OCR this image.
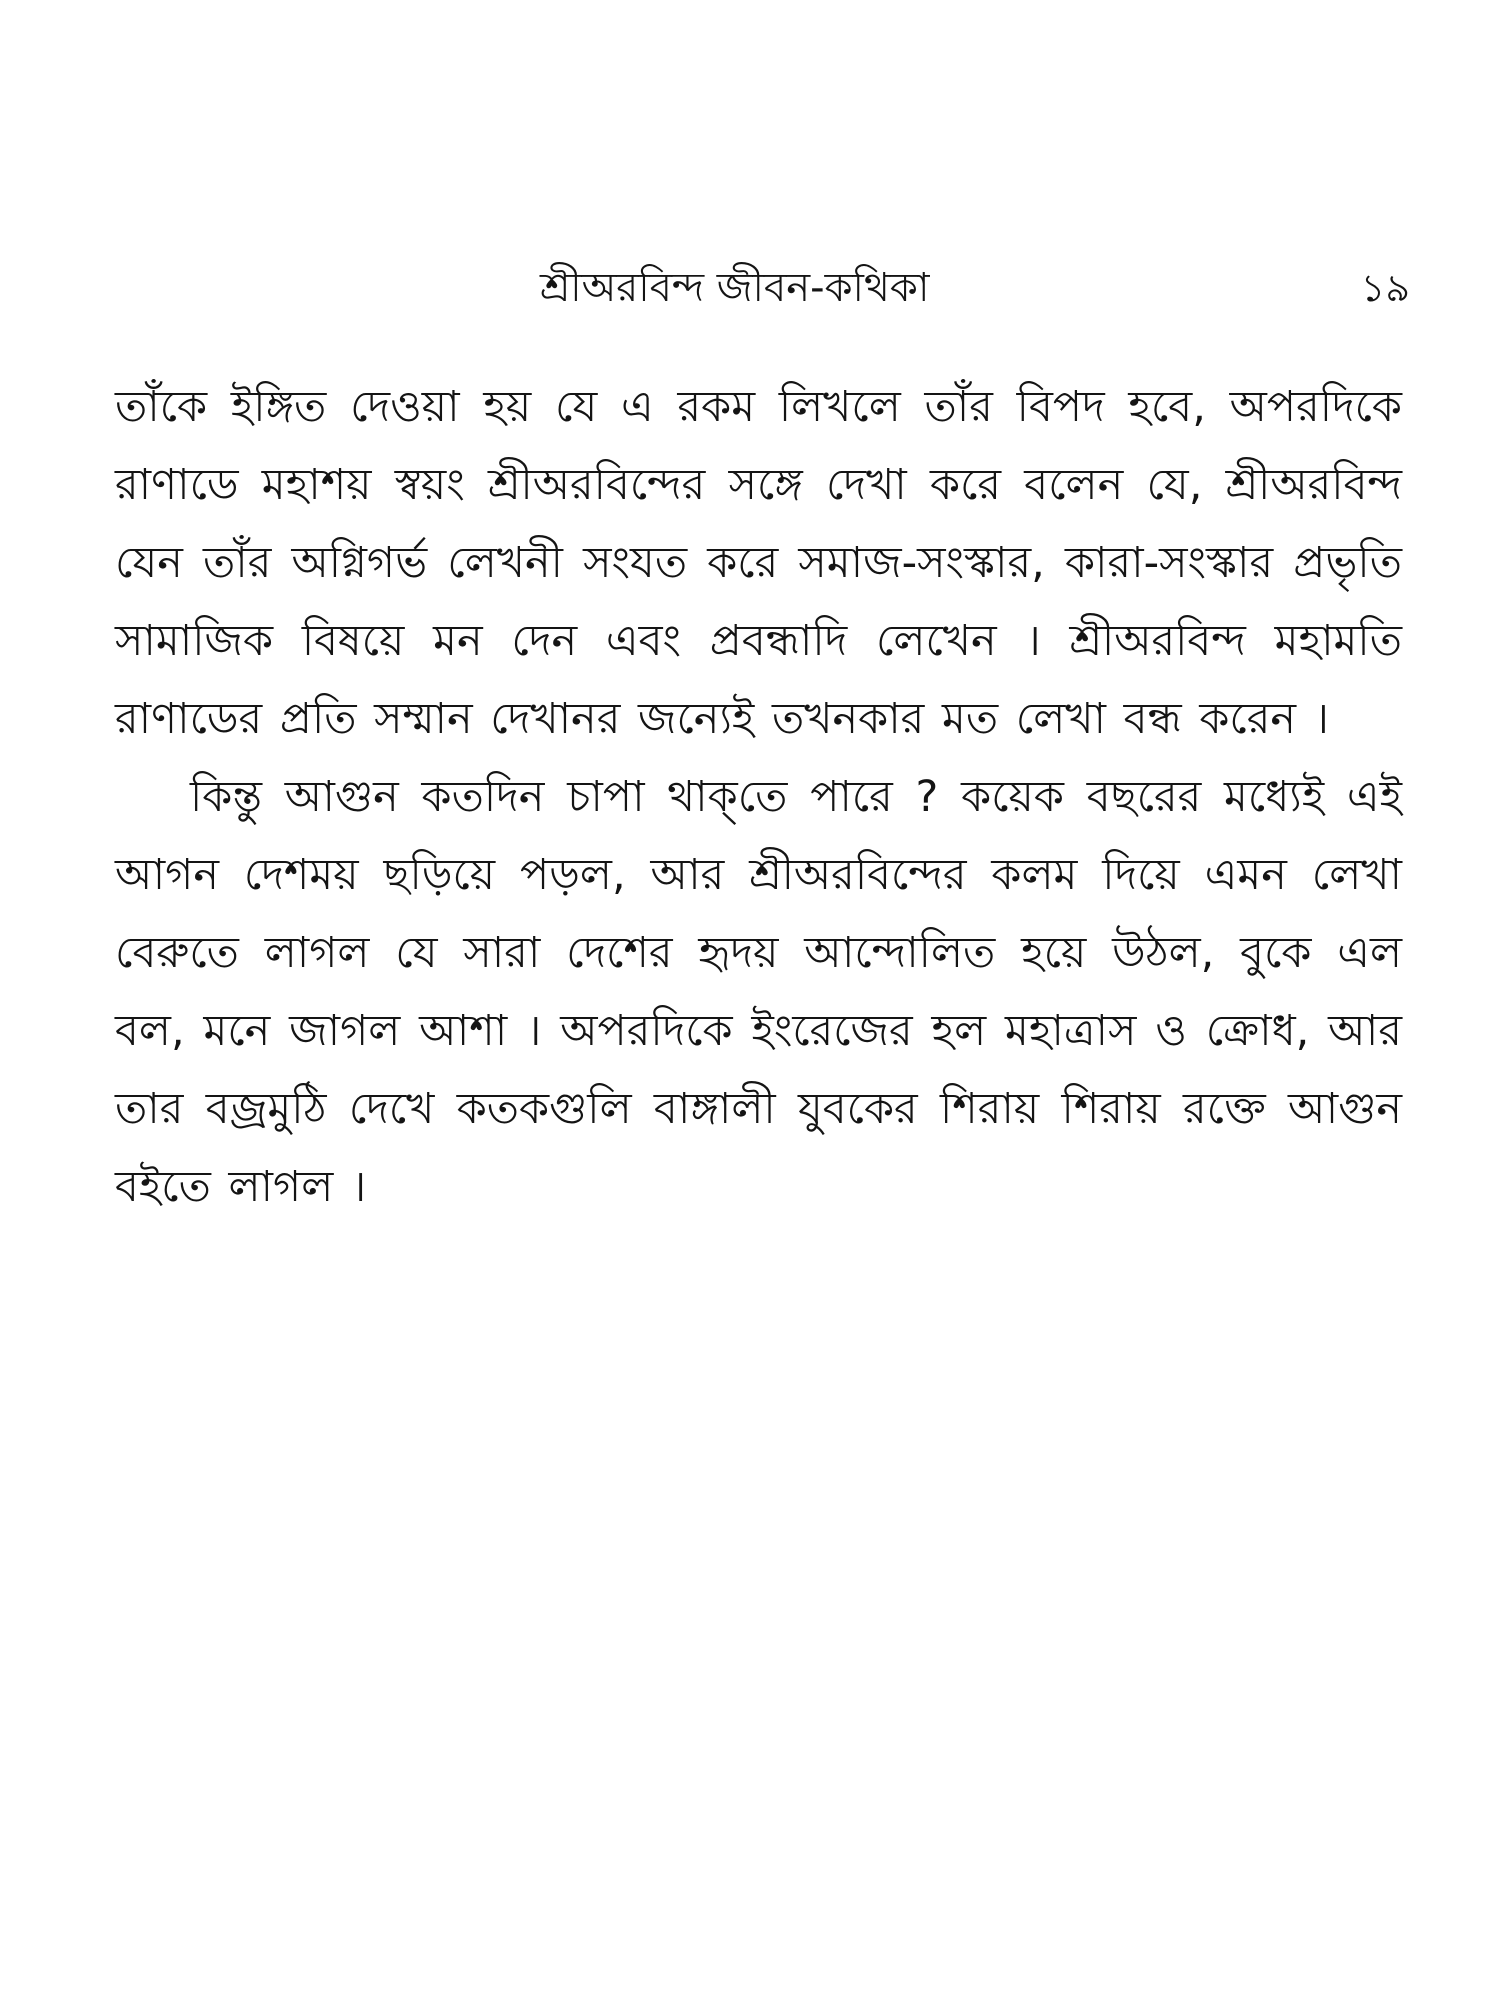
শ্রীঅরবিন্দ জীবন-কথিকা	১৯

তাঁকে ইঙ্গিত দেওয়া হয় যে এ রকম লিখলে তাঁর বিপদ হবে, অপরদিকে রাণাডে মহাশয় স্বয়ং শ্রীঅরবিন্দের সঙ্গে দেখা করে বলেন যে, শ্রীঅরবিন্দ যেন তাঁর অগ্নিগর্ভ লেখনী সংযত করে সমাজ-সংস্কার, কারা-সংস্কার প্রভৃতি সামাজিক বিষয়ে মন দেন এবং প্রবন্ধাদি লেখেন । শ্রীঅরবিন্দ মহামতি রাণাডের প্রতি সম্মান দেখানর জন্যেই তখনকার মত লেখা বন্ধ করেন ।

কিন্তু আগুন কতদিন চাপা থাক্‌তে পারে ? কয়েক বছরের মধ্যেই এই আগন দেশময় ছড়িয়ে পড়ল, আর শ্রীঅরবিন্দের কলম দিয়ে এমন লেখা বেরুতে লাগল যে সারা দেশের হৃদয় আন্দোলিত হয়ে উঠল, বুকে এল বল, মনে জাগল আশা । অপরদিকে ইংরেজের হল মহাত্রাস ও ক্রোধ, আর তার বজ্রমুঠি দেখে কতকগুলি বাঙ্গালী যুবকের শিরায় শিরায় রক্তে আগুন বইতে লাগল ।
